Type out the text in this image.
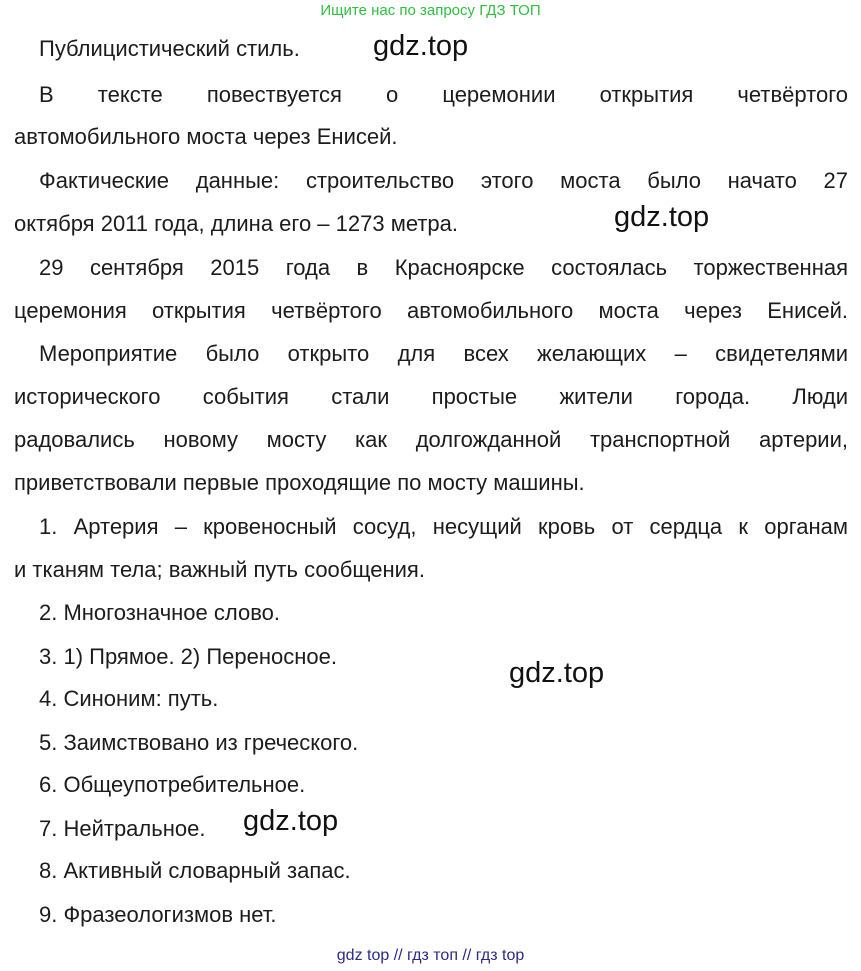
Ищите нас по запросу ГДЗ ТОП
Публицистический стиль.	gdz.top
В тексте повествуется о церемонии открытия четвёртого
автомобильного моста через Енисей.
Фактические данные: строительство этого моста было начато 27
октября 2011 года, длина его – 1273 метра.	gdz.top
29 сентября 2015 года в Красноярске состоялась торжественная
церемония открытия четвёртого автомобильного моста через Енисей.
Мероприятие было открыто для всех желающих – свидетелями
исторического события стали простые жители города. Люди
радовались новому мосту как долгожданной транспортной артерии,
приветствовали первые проходящие по мосту машины.
1. Артерия – кровеносный сосуд, несущий кровь от сердца к органам
и тканям тела; важный путь сообщения.
2. Многозначное слово.
3. 1) Прямое. 2) Переносное.
gdz.top
4. Синоним: путь.
5. Заимствовано из греческого.
6. Общеупотребительное.
7. Нейтральное.	gdz.top
8. Активный словарный запас.
9. Фразеологизмов нет.
gdz top // гдз топ // гдз top
